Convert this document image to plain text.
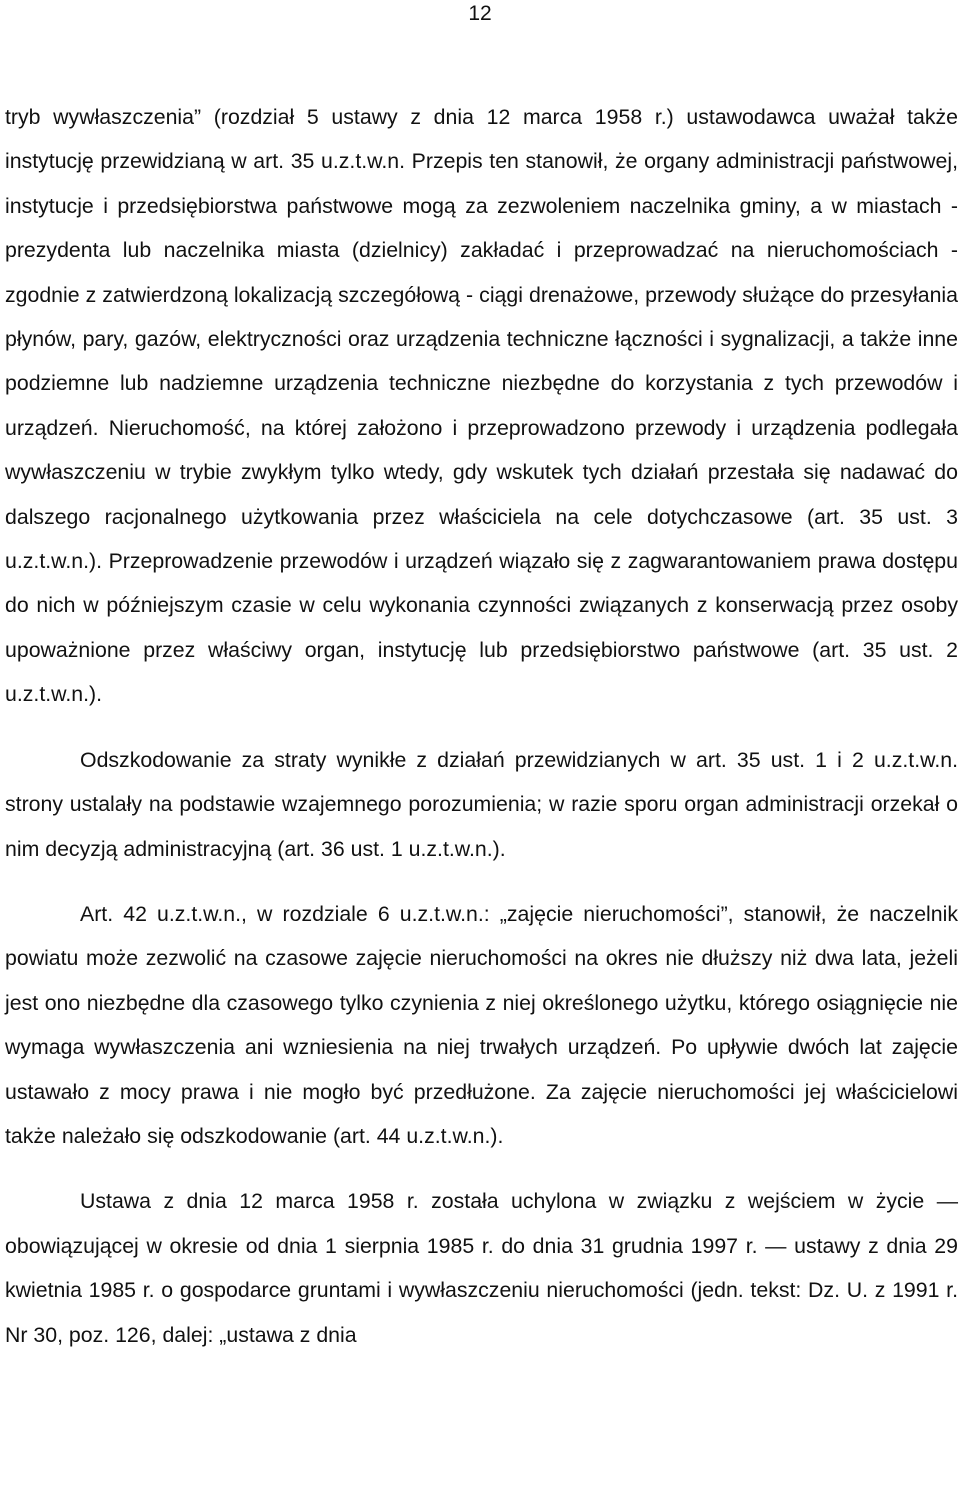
12

tryb wywłaszczenia” (rozdział 5 ustawy z dnia 12 marca 1958 r.) ustawodawca uważał także instytucję przewidzianą w art. 35 u.z.t.w.n. Przepis ten stanowił, że organy administracji państwowej, instytucje i przedsiębiorstwa państwowe mogą za zezwoleniem naczelnika gminy, a w miastach - prezydenta lub naczelnika miasta (dzielnicy) zakładać i przeprowadzać na nieruchomościach - zgodnie z zatwierdzoną lokalizacją szczegółową - ciągi drenażowe, przewody służące do przesyłania płynów, pary, gazów, elektryczności oraz urządzenia techniczne łączności i sygnalizacji, a także inne podziemne lub nadziemne urządzenia techniczne niezbędne do korzystania z tych przewodów i urządzeń. Nieruchomość, na której założono i przeprowadzono przewody i urządzenia podlegała wywłaszczeniu w trybie zwykłym tylko wtedy, gdy wskutek tych działań przestała się nadawać do dalszego racjonalnego użytkowania przez właściciela na cele dotychczasowe (art. 35 ust. 3 u.z.t.w.n.). Przeprowadzenie przewodów i urządzeń wiązało się z zagwarantowaniem prawa dostępu do nich w późniejszym czasie w celu wykonania czynności związanych z konserwacją przez osoby upoważnione przez właściwy organ, instytucję lub przedsiębiorstwo państwowe (art. 35 ust. 2 u.z.t.w.n.).

Odszkodowanie za straty wynikłe z działań przewidzianych w art. 35 ust. 1 i 2 u.z.t.w.n. strony ustalały na podstawie wzajemnego porozumienia; w razie sporu organ administracji orzekał o nim decyzją administracyjną (art. 36 ust. 1 u.z.t.w.n.).

Art. 42 u.z.t.w.n., w rozdziale 6 u.z.t.w.n.: „zajęcie nieruchomości”, stanowił, że naczelnik powiatu może zezwolić na czasowe zajęcie nieruchomości na okres nie dłuższy niż dwa lata, jeżeli jest ono niezbędne dla czasowego tylko czynienia z niej określonego użytku, którego osiągnięcie nie wymaga wywłaszczenia ani wzniesienia na niej trwałych urządzeń. Po upływie dwóch lat zajęcie ustawało z mocy prawa i nie mogło być przedłużone. Za zajęcie nieruchomości jej właścicielowi także należało się odszkodowanie (art. 44 u.z.t.w.n.).

Ustawa z dnia 12 marca 1958 r. została uchylona w związku z wejściem w życie — obowiązującej w okresie od dnia 1 sierpnia 1985 r. do dnia 31 grudnia 1997 r. — ustawy z dnia 29 kwietnia 1985 r. o gospodarce gruntami i wywłaszczeniu nieruchomości (jedn. tekst: Dz. U. z 1991 r. Nr 30, poz. 126, dalej: „ustawa z dnia
